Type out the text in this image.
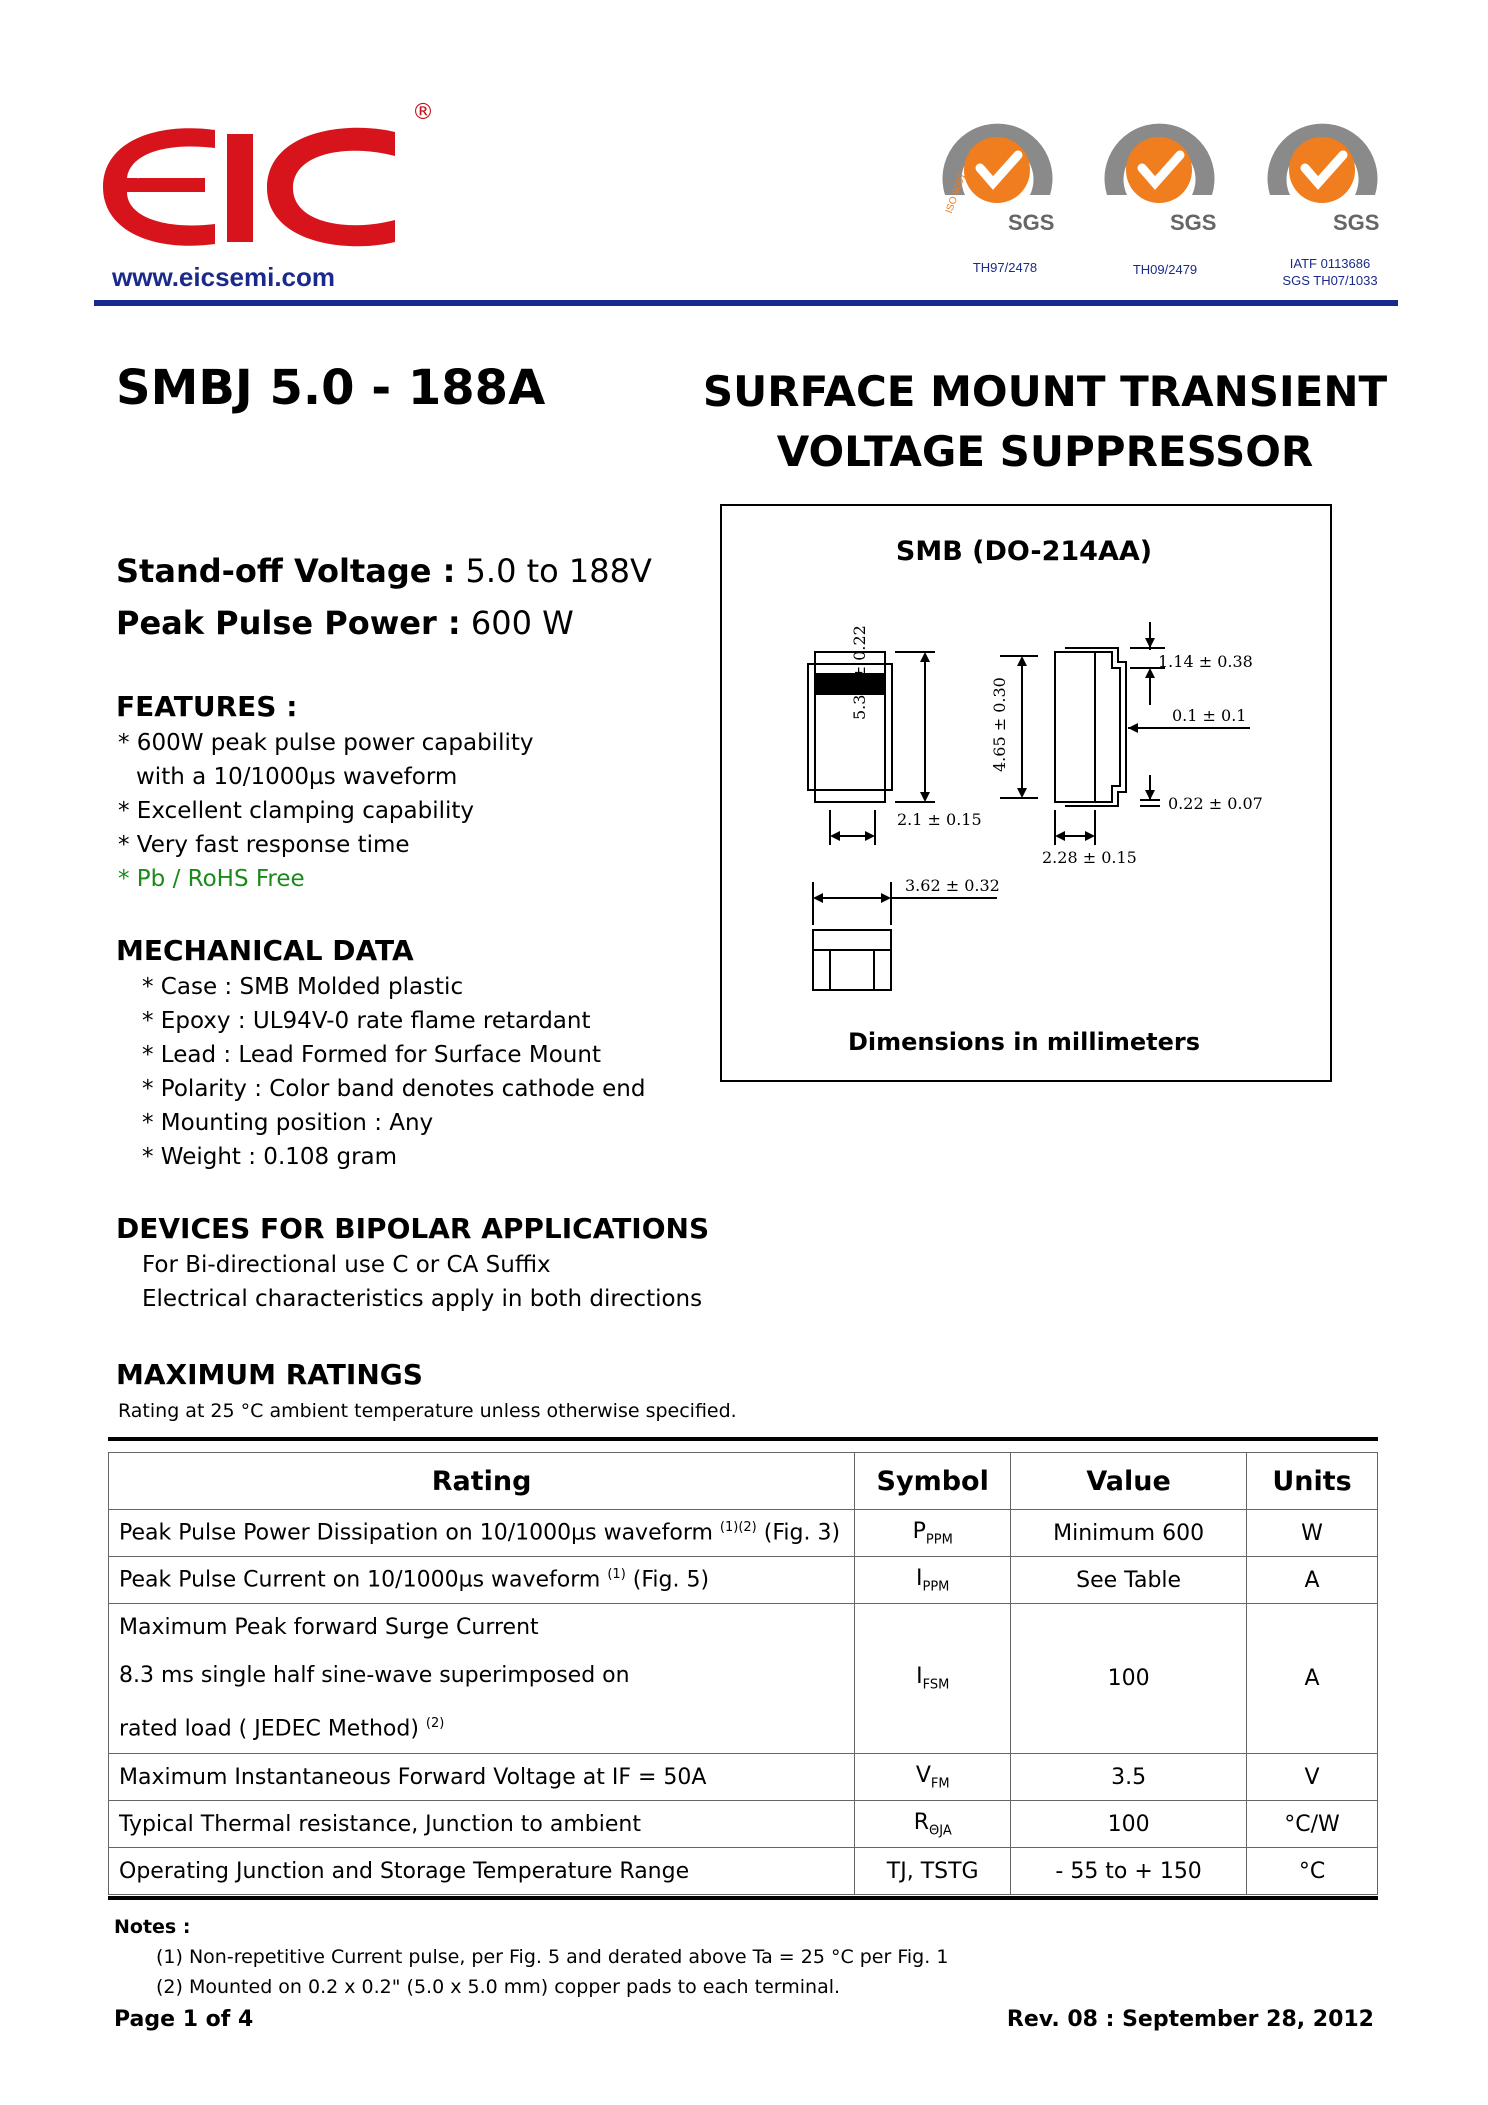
®
www.eicsemi.com
SGS
ISO 9001
TH97/2478
SGS
TH09/2479
SGS
IATF 0113686
SGS TH07/1033
SMBJ 5.0 - 188A	SURFACE MOUNT TRANSIENT
VOLTAGE SUPPRESSOR
Stand-off Voltage : 5.0 to 188V
Peak Pulse Power : 600 W
FEATURES :
* 600W peak pulse power capability
with a 10/1000µs waveform
* Excellent clamping capability
* Very fast response time
* Pb / RoHS Free
MECHANICAL DATA
* Case : SMB Molded plastic
* Epoxy : UL94V-0 rate flame retardant
* Lead : Lead Formed for Surface Mount
* Polarity : Color band denotes cathode end
* Mounting position : Any
* Weight : 0.108 gram
DEVICES FOR BIPOLAR APPLICATIONS
For Bi-directional use C or CA Suffix
Electrical characteristics apply in both directions
SMB (DO-214AA)
1.14 ± 0.38
0.1 ± 0.1
0.22 ± 0.07
5.30 ± 0.22
4.65 ± 0.30
2.1 ± 0.15
2.28 ± 0.15
3.62 ± 0.32
Dimensions in millimeters
MAXIMUM RATINGS
Rating at 25 °C ambient temperature unless otherwise specified.
Rating	Symbol	Value	Units
Peak Pulse Power Dissipation on 10/1000µs waveform $^{(1)(2)}$ (Fig. 3)	$P_{PPM}$	Minimum 600	W
Peak Pulse Current on 10/1000µs waveform $^{(1)}$ (Fig. 5)	$I_{PPM}$	See Table	A

Maximum Peak forward Surge Current
8.3 ms single half sine-wave superimposed on
rated load ( JEDEC Method) $^{(2)}$	$I_{FSM}$	100	A
Maximum Instantaneous Forward Voltage at IF = 50A	$V_{FM}$	3.5	V
Typical Thermal resistance, Junction to ambient	$R_{\Theta JA}$	100	°C/W
Operating Junction and Storage Temperature Range	TJ, TSTG	- 55 to + 150	°C
Notes :
(1) Non-repetitive Current pulse, per Fig. 5 and derated above Ta = 25 °C per Fig. 1
(2) Mounted on 0.2 x 0.2" (5.0 x 5.0 mm) copper pads to each terminal.
Page 1 of 4	Rev. 08 : September 28, 2012
